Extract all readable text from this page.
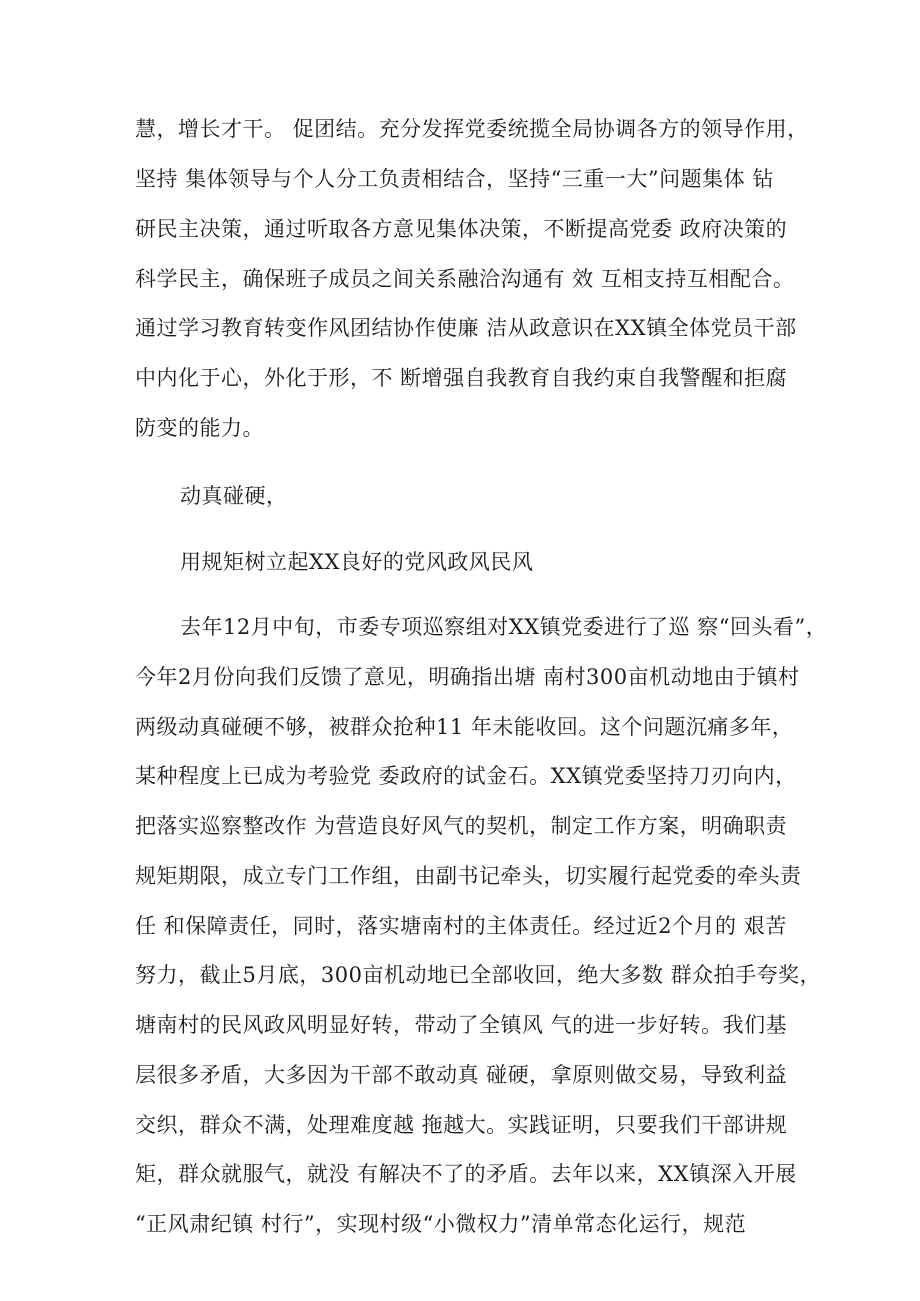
慧，增长才干。 促团结。充分发挥党委统揽全局协调各方的领导作用，
坚持 集体领导与个人分工负责相结合，坚持“三重一大”问题集体 钻
研民主决策，通过听取各方意见集体决策，不断提高党委 政府决策的
科学民主，确保班子成员之间关系融洽沟通有 效 互相支持互相配合。
通过学习教育转变作风团结协作使廉 洁从政意识在XX镇全体党员干部
中内化于心，外化于形，不 断增强自我教育自我约束自我警醒和拒腐
防变的能力。
动真碰硬，
用规矩树立起XX良好的党风政风民风
去年12月中旬，市委专项巡察组对XX镇党委进行了巡 察“回头看”，
今年2月份向我们反馈了意见，明确指出塘 南村300亩机动地由于镇村
两级动真碰硬不够，被群众抢种11 年未能收回。这个问题沉痛多年，
某种程度上已成为考验党 委政府的试金石。XX镇党委坚持刀刃向内，
把落实巡察整改作 为营造良好风气的契机，制定工作方案，明确职责
规矩期限，成立专门工作组，由副书记牵头，切实履行起党委的牵头责
任 和保障责任，同时，落实塘南村的主体责任。经过近2个月的 艰苦
努力，截止5月底，300亩机动地已全部收回，绝大多数 群众拍手夸奖，
塘南村的民风政风明显好转，带动了全镇风 气的进一步好转。我们基
层很多矛盾，大多因为干部不敢动真 碰硬，拿原则做交易，导致利益
交织，群众不满，处理难度越 拖越大。实践证明，只要我们干部讲规
矩，群众就服气，就没 有解决不了的矛盾。去年以来，XX镇深入开展
“正风肃纪镇 村行”，实现村级“小微权力”清单常态化运行，规范
